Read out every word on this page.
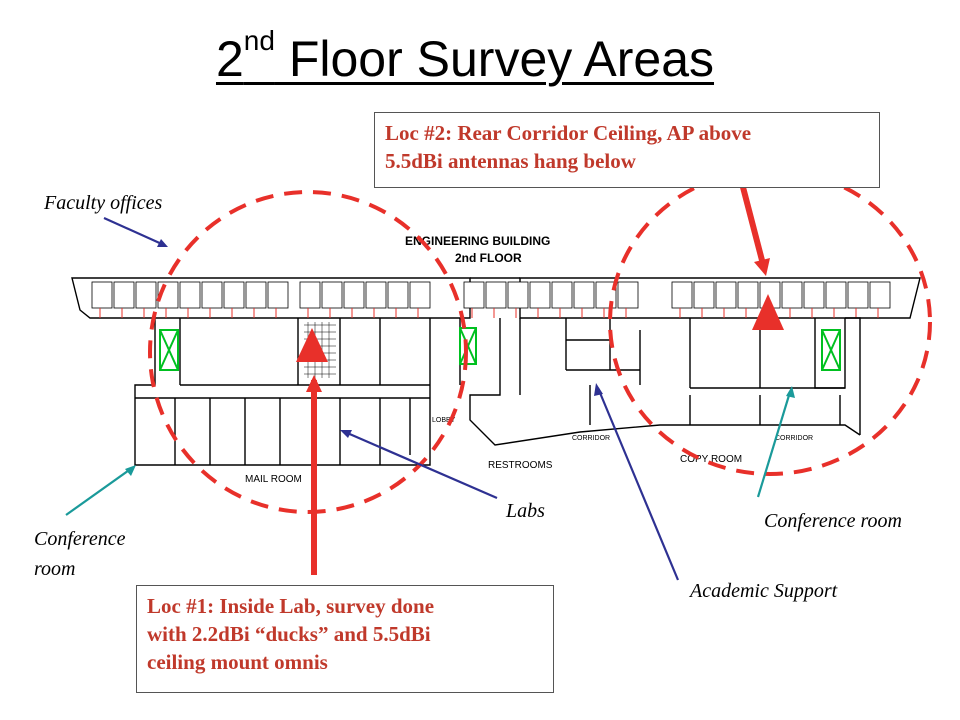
2nd Floor Survey Areas
ENGINEERING BUILDING
2nd FLOOR
MAIL ROOM
RESTROOMS
COPY ROOM
CORRIDOR	CORRIDOR
LOBBY
Loc #2: Rear Corridor Ceiling, AP above
5.5dBi antennas hang below
Loc #1: Inside Lab, survey done
with 2.2dBi “ducks” and 5.5dBi
ceiling mount omnis
Faculty offices
Conference
room
Labs	Conference room
Academic Support
